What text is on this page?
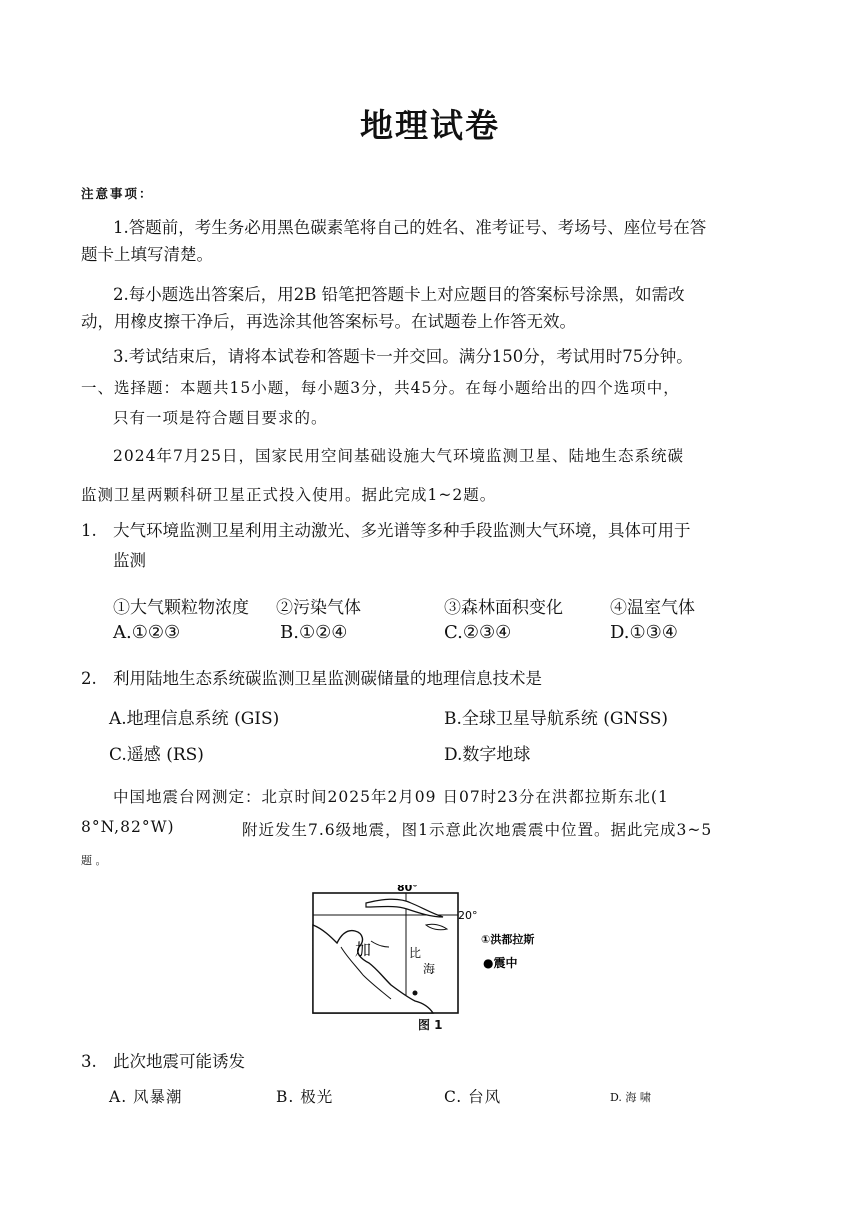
地理试卷
注意事项：
1.答题前，考生务必用黑色碳素笔将自己的姓名、准考证号、考场号、座位号在答
题卡上填写清楚。
2.每小题选出答案后，用2B 铅笔把答题卡上对应题目的答案标号涂黑，如需改
动，用橡皮擦干净后，再选涂其他答案标号。在试题卷上作答无效。
3.考试结束后，请将本试卷和答题卡一并交回。满分150分，考试用时75分钟。
一、选择题：本题共15小题，每小题3分，共45分。在每小题给出的四个选项中，
只有一项是符合题目要求的。
2024年7月25日，国家民用空间基础设施大气环境监测卫星、陆地生态系统碳
监测卫星两颗科研卫星正式投入使用。据此完成1~2题。
1. 大气环境监测卫星利用主动激光、多光谱等多种手段监测大气环境，具体可用于
监测
①大气颗粒物浓度 ②污染气体	③森林面积变化	④温室气体
A.①②③	B.①②④	C.②③④	D.①③④
2. 利用陆地生态系统碳监测卫星监测碳储量的地理信息技术是
A.地理信息系统 (GIS)	B.全球卫星导航系统 (GNSS)
C.遥感 (RS)	D.数字地球
中国地震台网测定：北京时间2025年2月09 日07时23分在洪都拉斯东北(1
8°N,82°W)	附近发生7.6级地震，图1示意此次地震震中位置。据此完成3~5
题 。
80°
20°
加	比
海
①洪都拉斯
●震中
图 1
3. 此次地震可能诱发
A. 风暴潮	B. 极光	C. 台风	D. 海 啸
